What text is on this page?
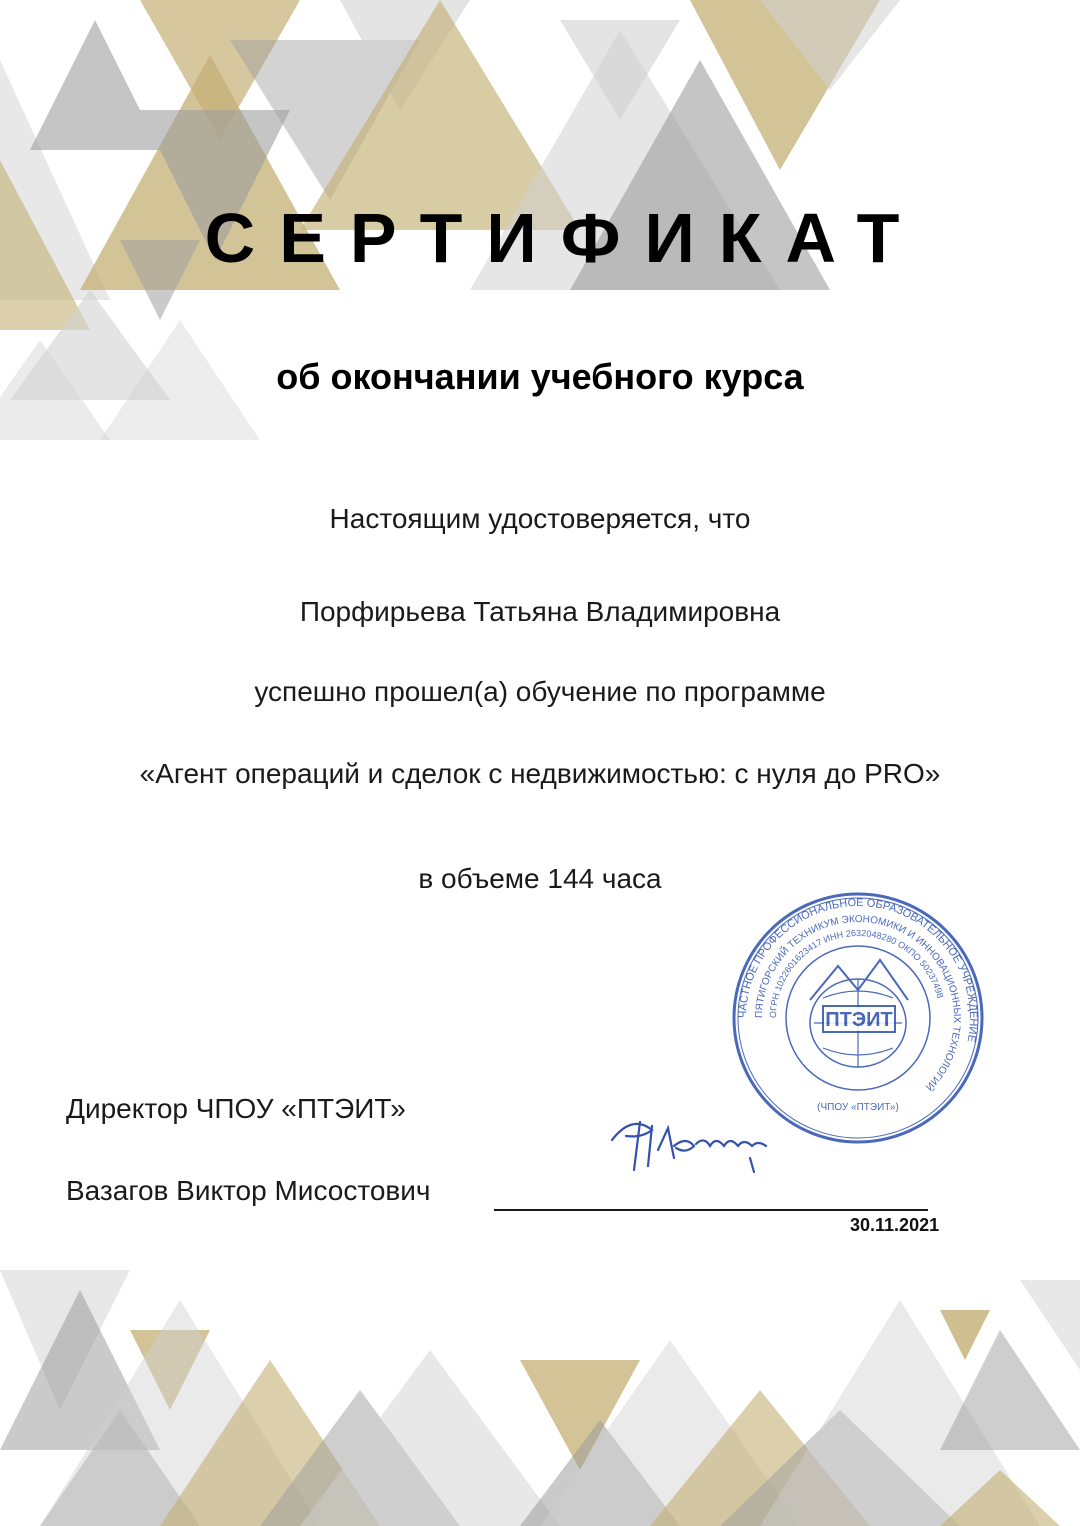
СЕРТИФИКАТ
об окончании учебного курса
Настоящим удостоверяется, что
Порфирьева Татьяна Владимировна
успешно прошел(а) обучение по программе
«Агент операций и сделок с недвижимостью: с нуля до PRO»
в объеме 144 часа
ЧАСТНОЕ ПРОФЕССИОНАЛЬНОЕ ОБРАЗОВАТЕЛЬНОЕ УЧРЕЖДЕНИЕ
ПЯТИГОРСКИЙ ТЕХНИКУМ ЭКОНОМИКИ И ИННОВАЦИОННЫХ ТЕХНОЛОГИЙ
ОГРН 1022601623417 ИНН 2632048280 ОКПО 50237498
ПТЭИТ
(ЧПОУ «ПТЭИТ»)
Директор ЧПОУ «ПТЭИТ»
Вазагов Виктор Мисостович
30.11.2021
